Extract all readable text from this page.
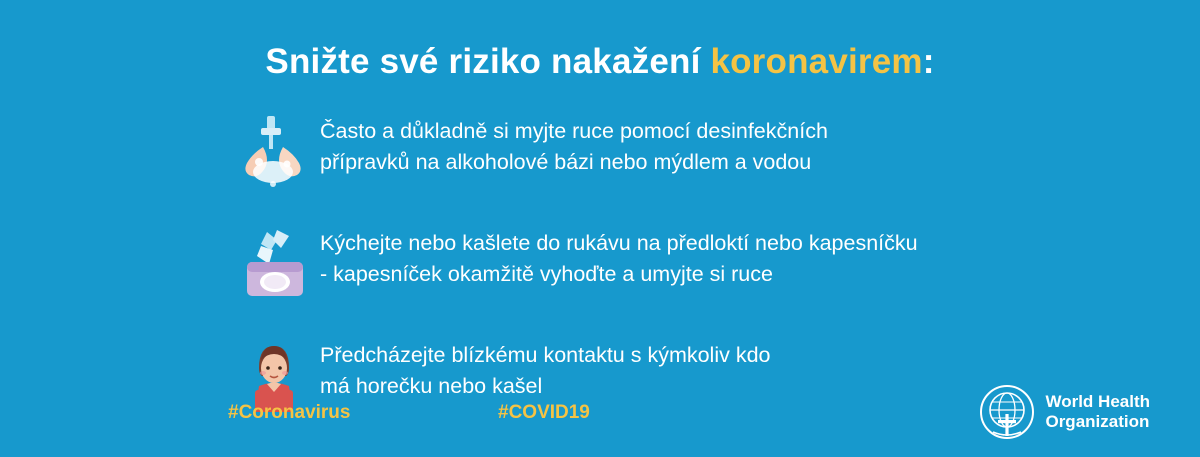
Snižte své riziko nakažení koronavirem:
Často a důkladně si myjte ruce pomocí desinfekčních
přípravků na alkoholové bázi nebo mýdlem a vodou
Kýchejte nebo kašlete do rukávu na předloktí nebo kapesníčku
- kapesníček okamžitě vyhoďte a umyjte si ruce
Předcházejte blízkému kontaktu s kýmkoliv kdo
má horečku nebo kašel
#Coronavirus	#COVID19
World Health
Organization
